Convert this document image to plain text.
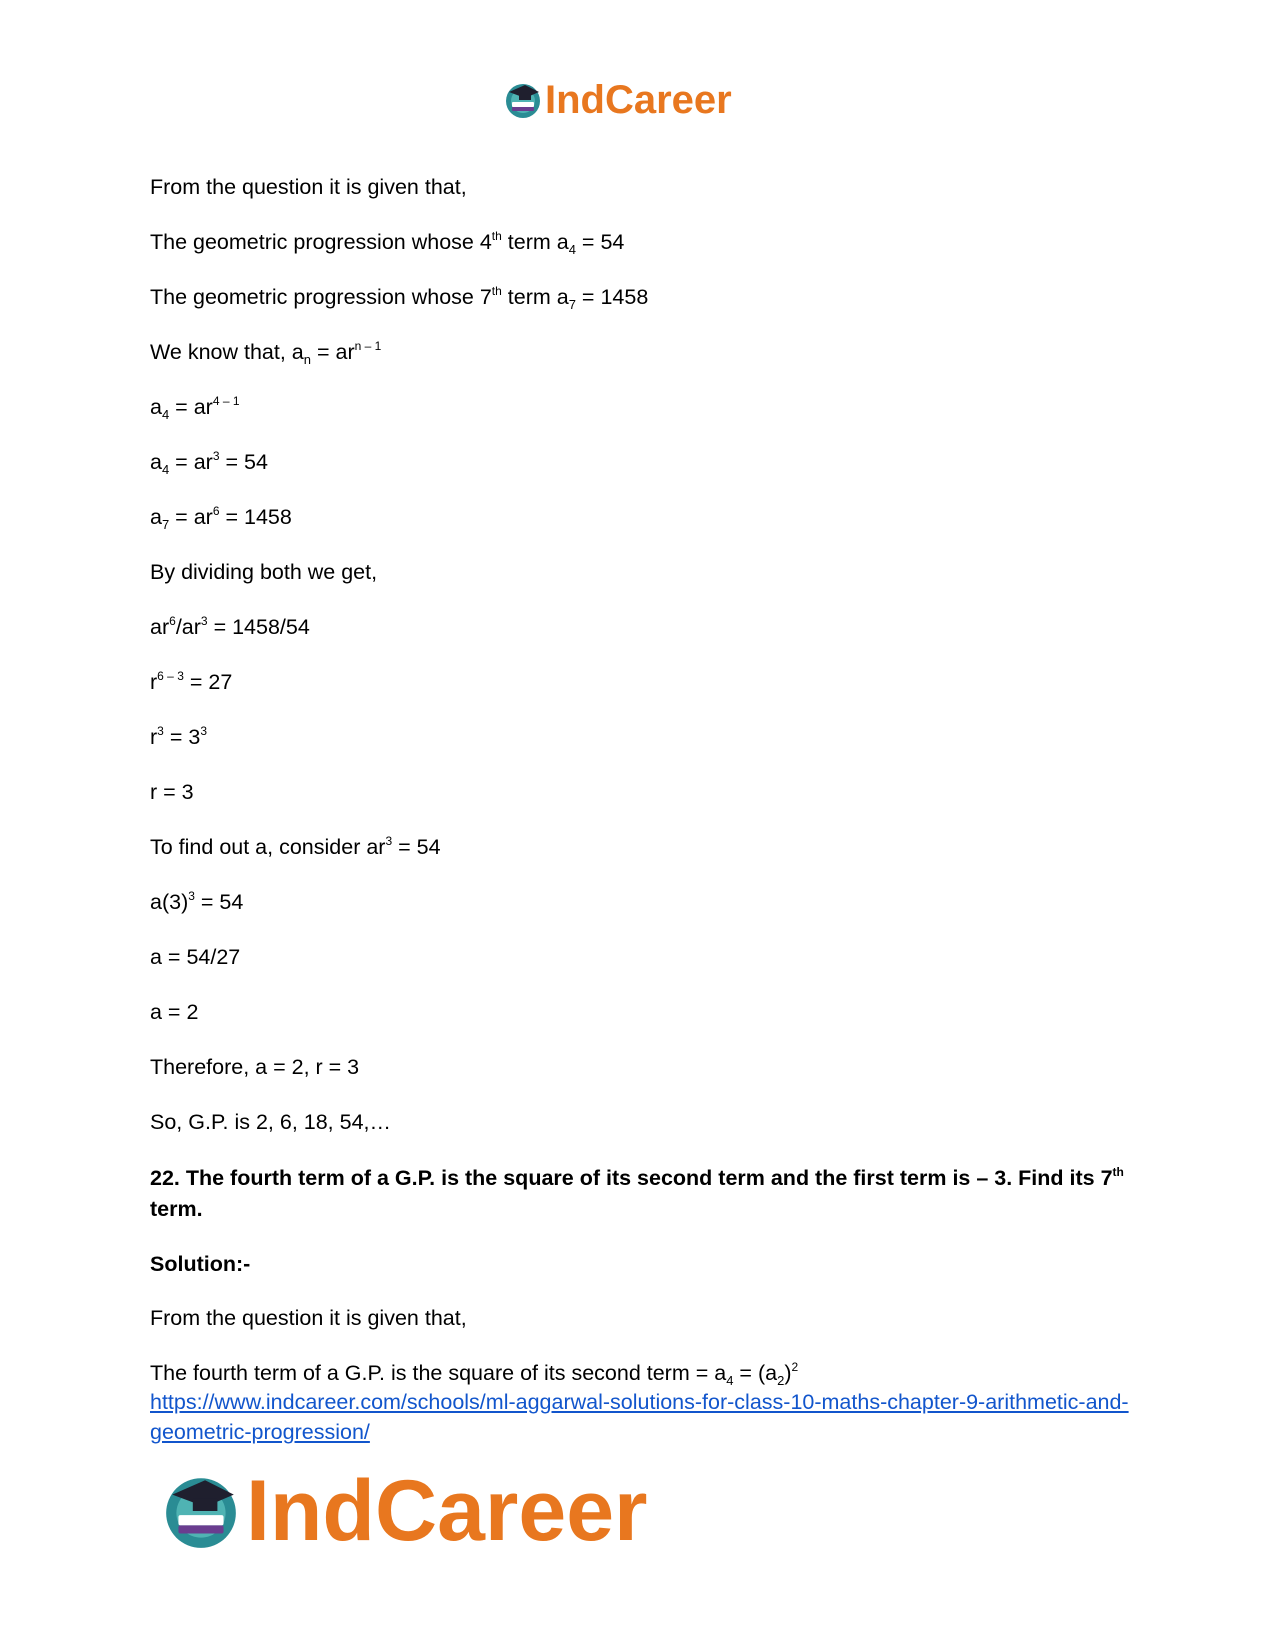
IndCareer

From the question it is given that,

The geometric progression whose 4th term $a_4 = 54$

The geometric progression whose 7th term $a_7 = 1458$

We know that, $a_n = ar^{n - 1}$

$a_4 = ar^{4 - 1}$

$a_4 = ar^3 = 54$

$a_7 = ar^6 = 1458$

By dividing both we get,

$ar^6/ar^3 = 1458/54$

$r^{6 - 3} = 27$

$r^3 = 3^3$

r = 3

To find out a, consider $ar^3 = 54$

$a(3)^3 = 54$

a = 54/27

a = 2

Therefore, a = 2, r = 3

So, G.P. is 2, 6, 18, 54,…

22. The fourth term of a G.P. is the square of its second term and the first term is – 3. Find its 7th term.

Solution:-

From the question it is given that,

The fourth term of a G.P. is the square of its second term = $a_4 = (a_2)^2$

https://www.indcareer.com/schools/ml-aggarwal-solutions-for-class-10-maths-chapter-9-arithmetic-and-geometric-progression/
IndCareer
